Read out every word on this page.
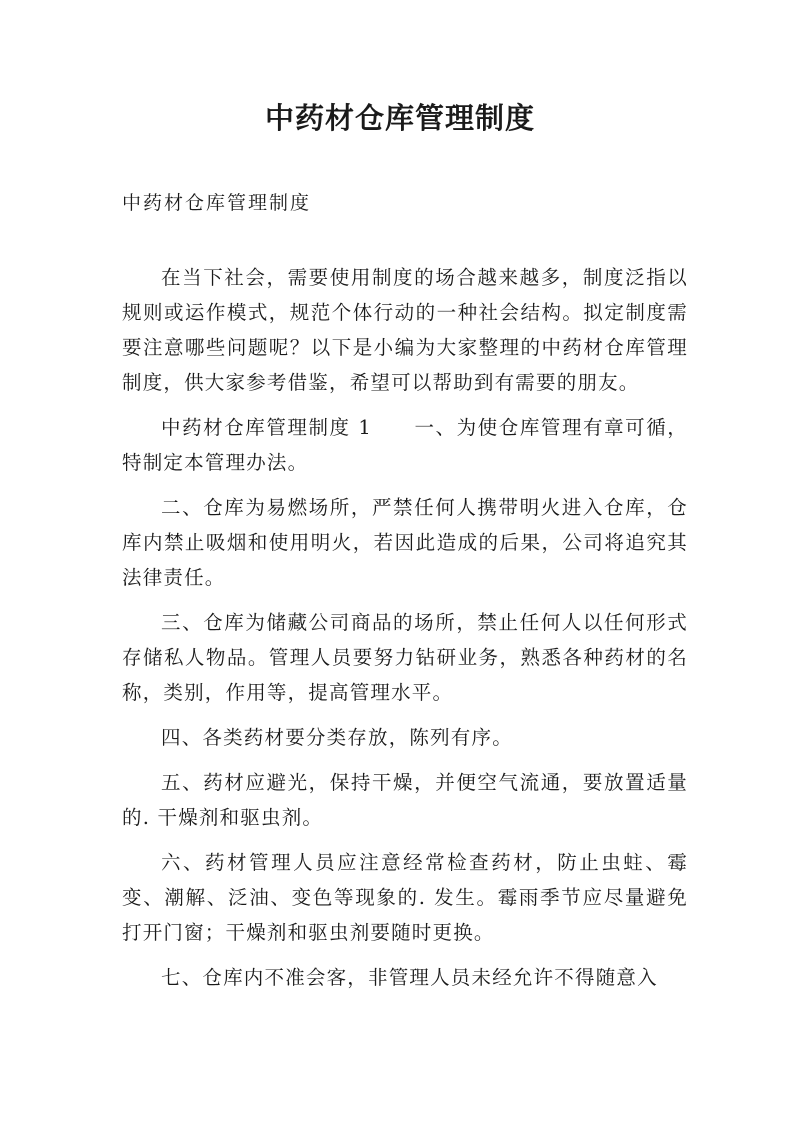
中药材仓库管理制度
中药材仓库管理制度

在当下社会，需要使用制度的场合越来越多，制度泛指以规则或运作模式，规范个体行动的一种社会结构。拟定制度需要注意哪些问题呢？以下是小编为大家整理的中药材仓库管理制度，供大家参考借鉴，希望可以帮助到有需要的朋友。

中药材仓库管理制度 1　　一、为使仓库管理有章可循，特制定本管理办法。

二、仓库为易燃场所，严禁任何人携带明火进入仓库，仓库内禁止吸烟和使用明火，若因此造成的后果，公司将追究其法律责任。

三、仓库为储藏公司商品的场所，禁止任何人以任何形式存储私人物品。管理人员要努力钻研业务，熟悉各种药材的名称，类别，作用等，提高管理水平。

四、各类药材要分类存放，陈列有序。

五、药材应避光，保持干燥，并便空气流通，要放置适量的. 干燥剂和驱虫剂。

六、药材管理人员应注意经常检查药材，防止虫蛀、霉变、潮解、泛油、变色等现象的. 发生。霉雨季节应尽量避免打开门窗；干燥剂和驱虫剂要随时更换。

七、仓库内不准会客，非管理人员未经允许不得随意入
